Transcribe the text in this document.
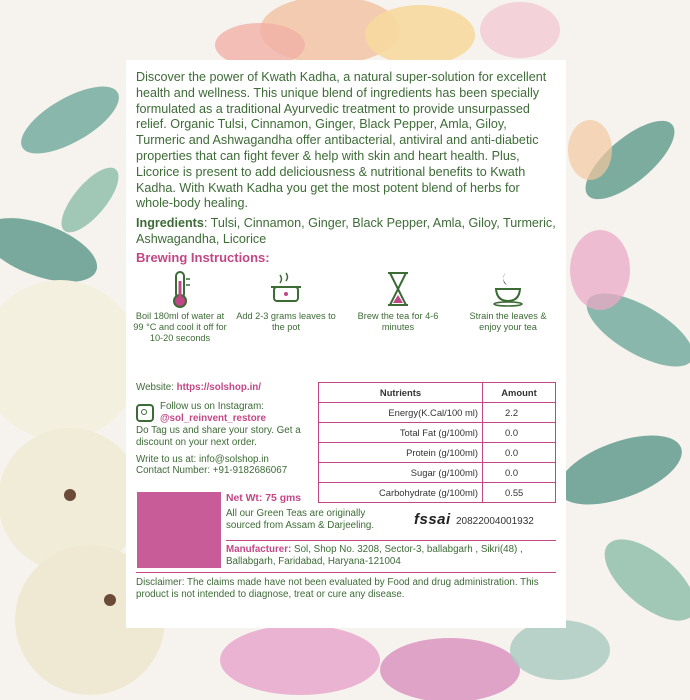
Discover the power of Kwath Kadha, a natural super-solution for excellent health and wellness. This unique blend of ingredients has been specially formulated as a traditional Ayurvedic treatment to provide unsurpassed relief. Organic Tulsi, Cinnamon, Ginger, Black Pepper, Amla, Giloy, Turmeric and Ashwagandha offer antibacterial, antiviral and anti-diabetic properties that can fight fever & help with skin and heart health. Plus, Licorice is present to add deliciousness & nutritional benefits to Kwath Kadha. With Kwath Kadha you get the most potent blend of herbs for whole-body healing.

Ingredients: Tulsi, Cinnamon, Ginger, Black Pepper, Amla, Giloy, Turmeric, Ashwagandha, Licorice

Brewing Instructions:
Boil 180ml of water at 99 °C and cool it off for 10-20 seconds
Add 2-3 grams leaves to the pot
Brew the tea for 4-6 minutes
Strain the leaves & enjoy your tea
Website: https://solshop.in/
Follow us on Instagram:
@sol_reinvent_restore
Do Tag us and share your story. Get a discount on your next order.
Write to us at: info@solshop.in
Contact Number: +91-9182686067
Nutrients	Amount
Energy(K.Cal/100 ml)	2.2
Total Fat (g/100ml)	0.0
Protein (g/100ml)	0.0
Sugar (g/100ml)	0.0
Carbohydrate (g/100ml)	0.55
Net Wt: 75 gms
All our Green Teas are originally sourced from Assam & Darjeeling.	fssai 20822004001932
Manufacturer: Sol, Shop No. 3208, Sector-3, ballabgarh , Sikri(48) , Ballabgarh, Faridabad, Haryana-121004
Disclaimer: The claims made have not been evaluated by Food and drug administration. This product is not intended to diagnose, treat or cure any disease.
